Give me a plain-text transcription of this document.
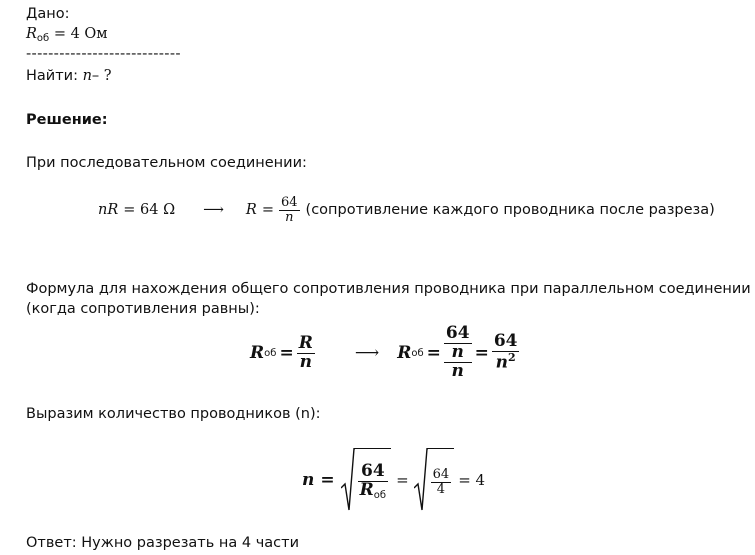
Дано:
$R_{об} = 4$ Ом
----------------------------
Найти: n– ?
Решение:
При последовательном соединении:
nR = 64 Ω ⟶ $R = \frac{64}{n}$ (сопротивление каждого проводника после разреза)
Формула для нахождения общего сопротивления проводника при параллельном соединении
(когда сопротивления равны):
R об = $\frac{R}{n}$ ⟶ R об = $\frac{\frac{64}{n}}{n} = \frac{64}{n^2}$
Выразим количество проводников (n):
$n = \frac{64}{R_{об}} = \frac{64}{4} = 4$
Ответ: Нужно разрезать на 4 части
